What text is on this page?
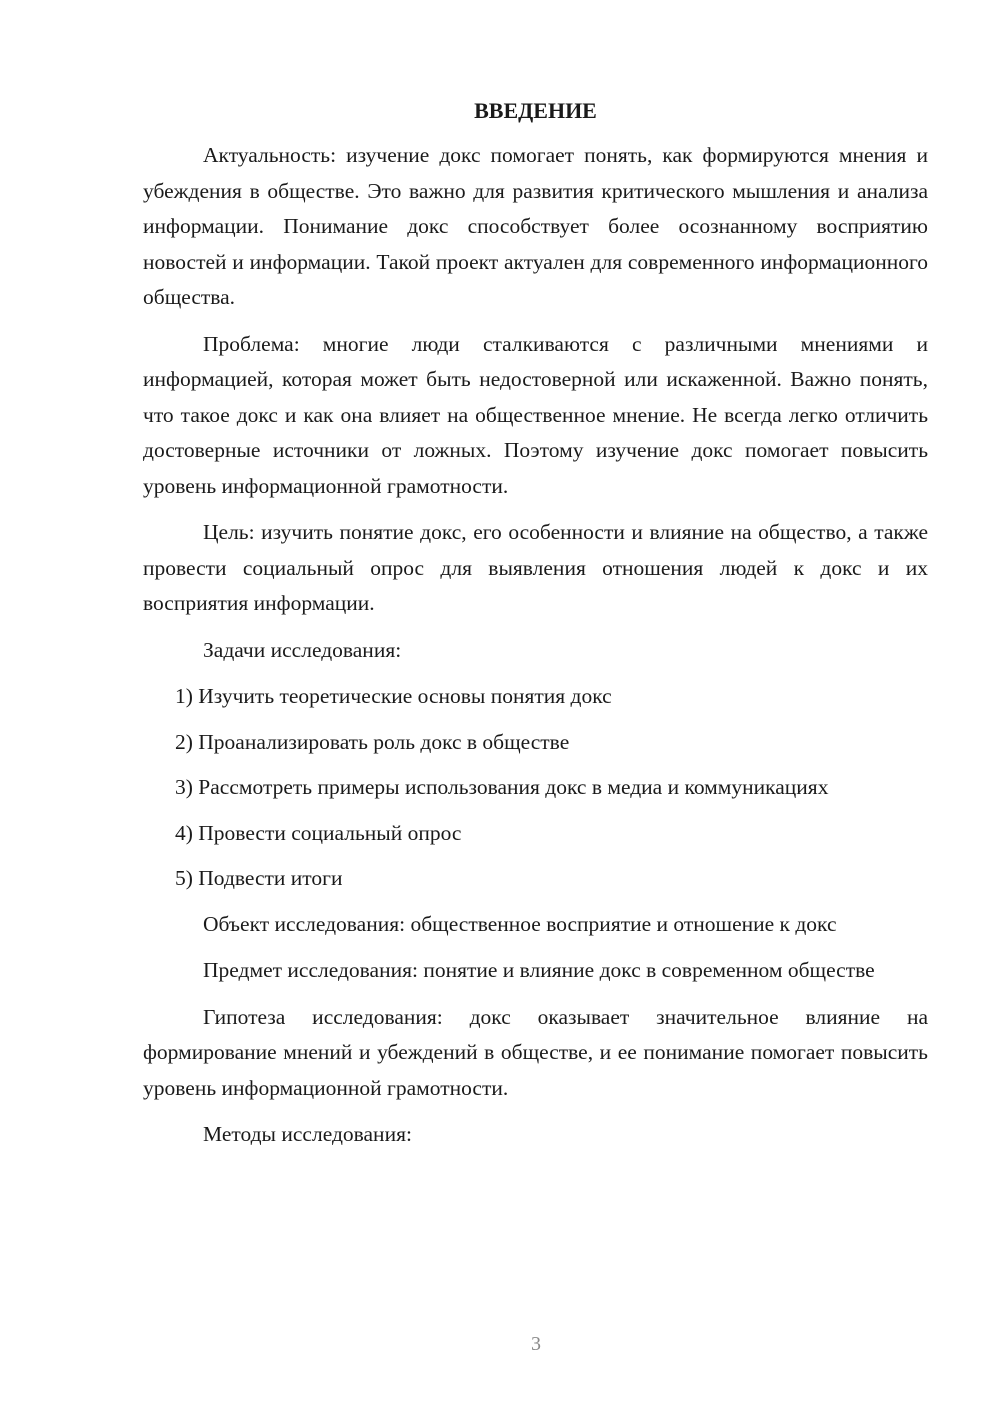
ВВЕДЕНИЕ

Актуальность: изучение докс помогает понять, как формируются мнения и убеждения в обществе. Это важно для развития критического мышления и анализа информации. Понимание докс способствует более осознанному восприятию новостей и информации. Такой проект актуален для современного информационного общества.

Проблема: многие люди сталкиваются с различными мнениями и информацией, которая может быть недостоверной или искаженной. Важно понять, что такое докс и как она влияет на общественное мнение. Не всегда легко отличить достоверные источники от ложных. Поэтому изучение докс помогает повысить уровень информационной грамотности.

Цель: изучить понятие докс, его особенности и влияние на общество, а также провести социальный опрос для выявления отношения людей к докс и их восприятия информации.

Задачи исследования:

1) Изучить теоретические основы понятия докс

2) Проанализировать роль докс в обществе

3) Рассмотреть примеры использования докс в медиа и коммуникациях

4) Провести социальный опрос

5) Подвести итоги

Объект исследования: общественное восприятие и отношение к докс

Предмет исследования: понятие и влияние докс в современном обществе

Гипотеза исследования: докс оказывает значительное влияние на формирование мнений и убеждений в обществе, и ее понимание помогает повысить уровень информационной грамотности.

Методы исследования:

3
